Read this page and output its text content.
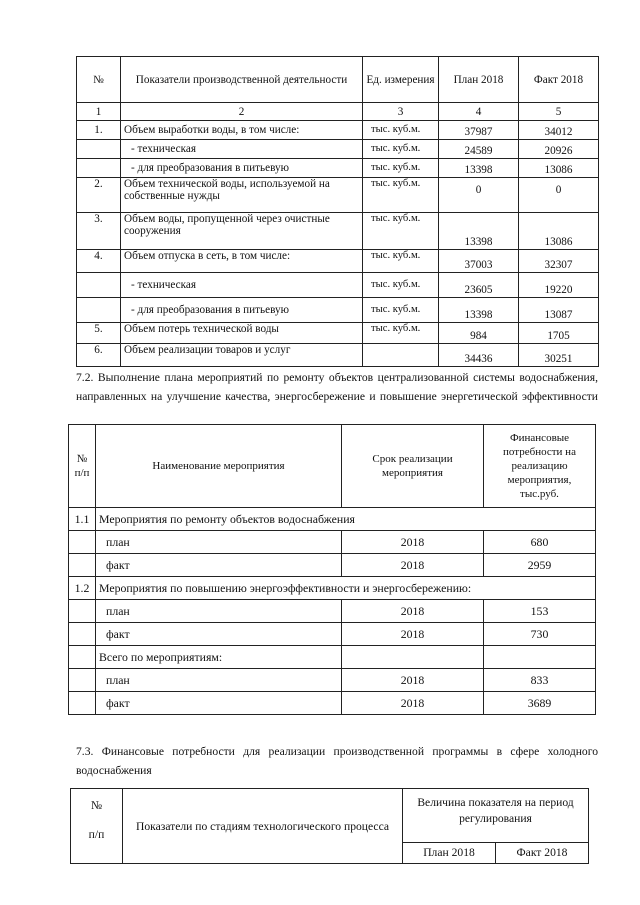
№	Показатели производственной деятельности	Ед. измерения	План 2018	Факт 2018
1	2	3	4	5
1.	Объем выработки воды, в том числе:	тыс. куб.м.	37987	34012
	- техническая	тыс. куб.м.	24589	20926
	- для преобразования в питьевую	тыс. куб.м.	13398	13086
2.	Объем технической воды, используемой на собственные нужды	тыс. куб.м.	0	0
3.	Объем воды, пропущенной через очистные сооружения	тыс. куб.м.	13398	13086
4.	Объем отпуска в сеть, в том числе:	тыс. куб.м.	37003	32307
	- техническая	тыс. куб.м.	23605	19220
	- для преобразования в питьевую	тыс. куб.м.	13398	13087
5.	Объем потерь технической воды	тыс. куб.м.	984	1705
6.	Объем реализации товаров и услуг		34436	30251
7.2. Выполнение плана мероприятий по ремонту объектов централизованной системы водоснабжения, направленных на улучшение качества, энергосбережение и повышение энергетической эффективности
№ п/п	Наименование мероприятия	Срок реализации мероприятия	Финансовые потребности на реализацию мероприятия, тыс.руб.
1.1	Мероприятия по ремонту объектов водоснабжения		
	план	2018	680
	факт	2018	2959
1.2	Мероприятия по повышению энергоэффективности и энергосбережению:		
	план	2018	153
	факт	2018	730
	Всего по мероприятиям:		
	план	2018	833
	факт	2018	3689
7.3. Финансовые потребности для реализации производственной программы в сфере холодного водоснабжения
№
п/п	Показатели по стадиям технологического процесса	Величина показателя на период регулирования	
		План 2018	Факт 2018
